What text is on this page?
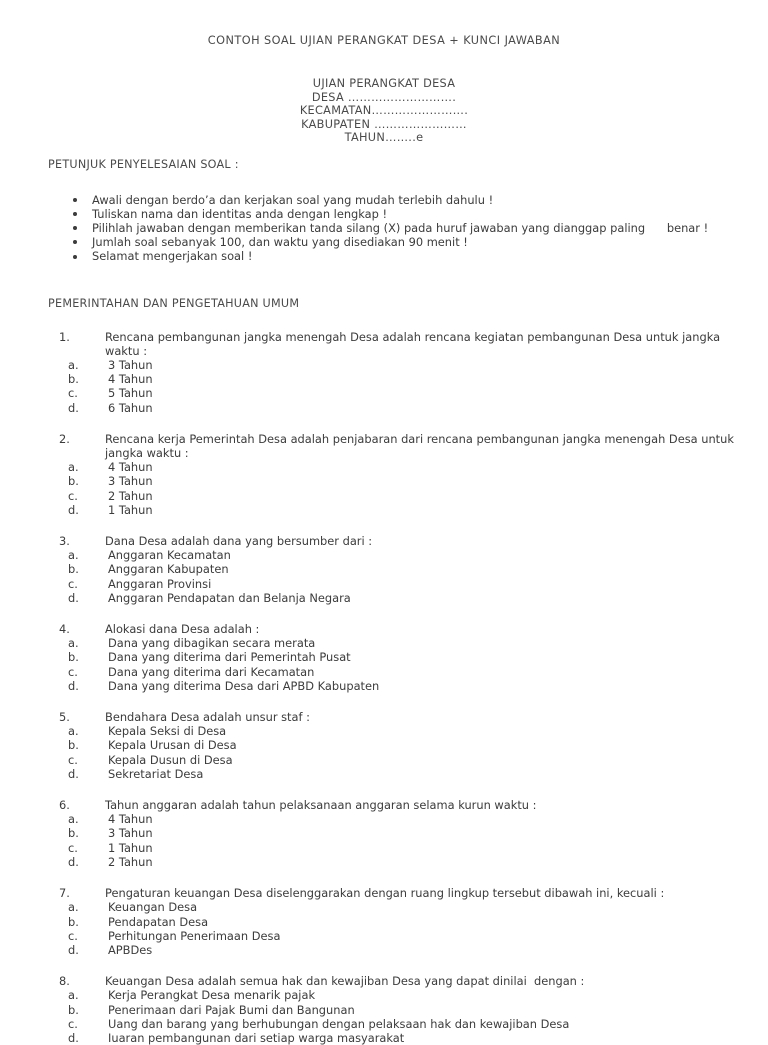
CONTOH SOAL UJIAN PERANGKAT DESA + KUNCI JAWABAN
UJIAN PERANGKAT DESA
DESA ……………………….
KECAMATAN…………………….
KABUPATEN ……………………
TAHUN……..e
PETUNJUK PENYELESAIAN SOAL :
Awali dengan berdo’a dan kerjakan soal yang mudah terlebih dahulu !
Tuliskan nama dan identitas anda dengan lengkap !
Pilihlah jawaban dengan memberikan tanda silang (X) pada huruf jawaban yang dianggap paling      benar !
Jumlah soal sebanyak 100, dan waktu yang disediakan 90 menit !
Selamat mengerjakan soal !
PEMERINTAHAN DAN PENGETAHUAN UMUM
1.	Rencana pembangunan jangka menengah Desa adalah rencana kegiatan pembangunan Desa untuk jangka waktu :
a.	3 Tahun
b.	4 Tahun
c.	5 Tahun
d.	6 Tahun
2.	Rencana kerja Pemerintah Desa adalah penjabaran dari rencana pembangunan jangka menengah Desa untuk jangka waktu :
a.	4 Tahun
b.	3 Tahun
c.	2 Tahun
d.	1 Tahun
3.	Dana Desa adalah dana yang bersumber dari :
a.	Anggaran Kecamatan
b.	Anggaran Kabupaten
c.	Anggaran Provinsi
d.	Anggaran Pendapatan dan Belanja Negara
4.	Alokasi dana Desa adalah :
a.	Dana yang dibagikan secara merata
b.	Dana yang diterima dari Pemerintah Pusat
c.	Dana yang diterima dari Kecamatan
d.	Dana yang diterima Desa dari APBD Kabupaten
5.	Bendahara Desa adalah unsur staf :
a.	Kepala Seksi di Desa
b.	Kepala Urusan di Desa
c.	Kepala Dusun di Desa
d.	Sekretariat Desa
6.	Tahun anggaran adalah tahun pelaksanaan anggaran selama kurun waktu :
a.	4 Tahun
b.	3 Tahun
c.	1 Tahun
d.	2 Tahun
7.	Pengaturan keuangan Desa diselenggarakan dengan ruang lingkup tersebut dibawah ini, kecuali :
a.	Keuangan Desa
b.	Pendapatan Desa
c.	Perhitungan Penerimaan Desa
d.	APBDes
8.	Keuangan Desa adalah semua hak dan kewajiban Desa yang dapat dinilai  dengan :
a.	Kerja Perangkat Desa menarik pajak
b.	Penerimaan dari Pajak Bumi dan Bangunan
c.	Uang dan barang yang berhubungan dengan pelaksaan hak dan kewajiban Desa
d.	Iuaran pembangunan dari setiap warga masyarakat
